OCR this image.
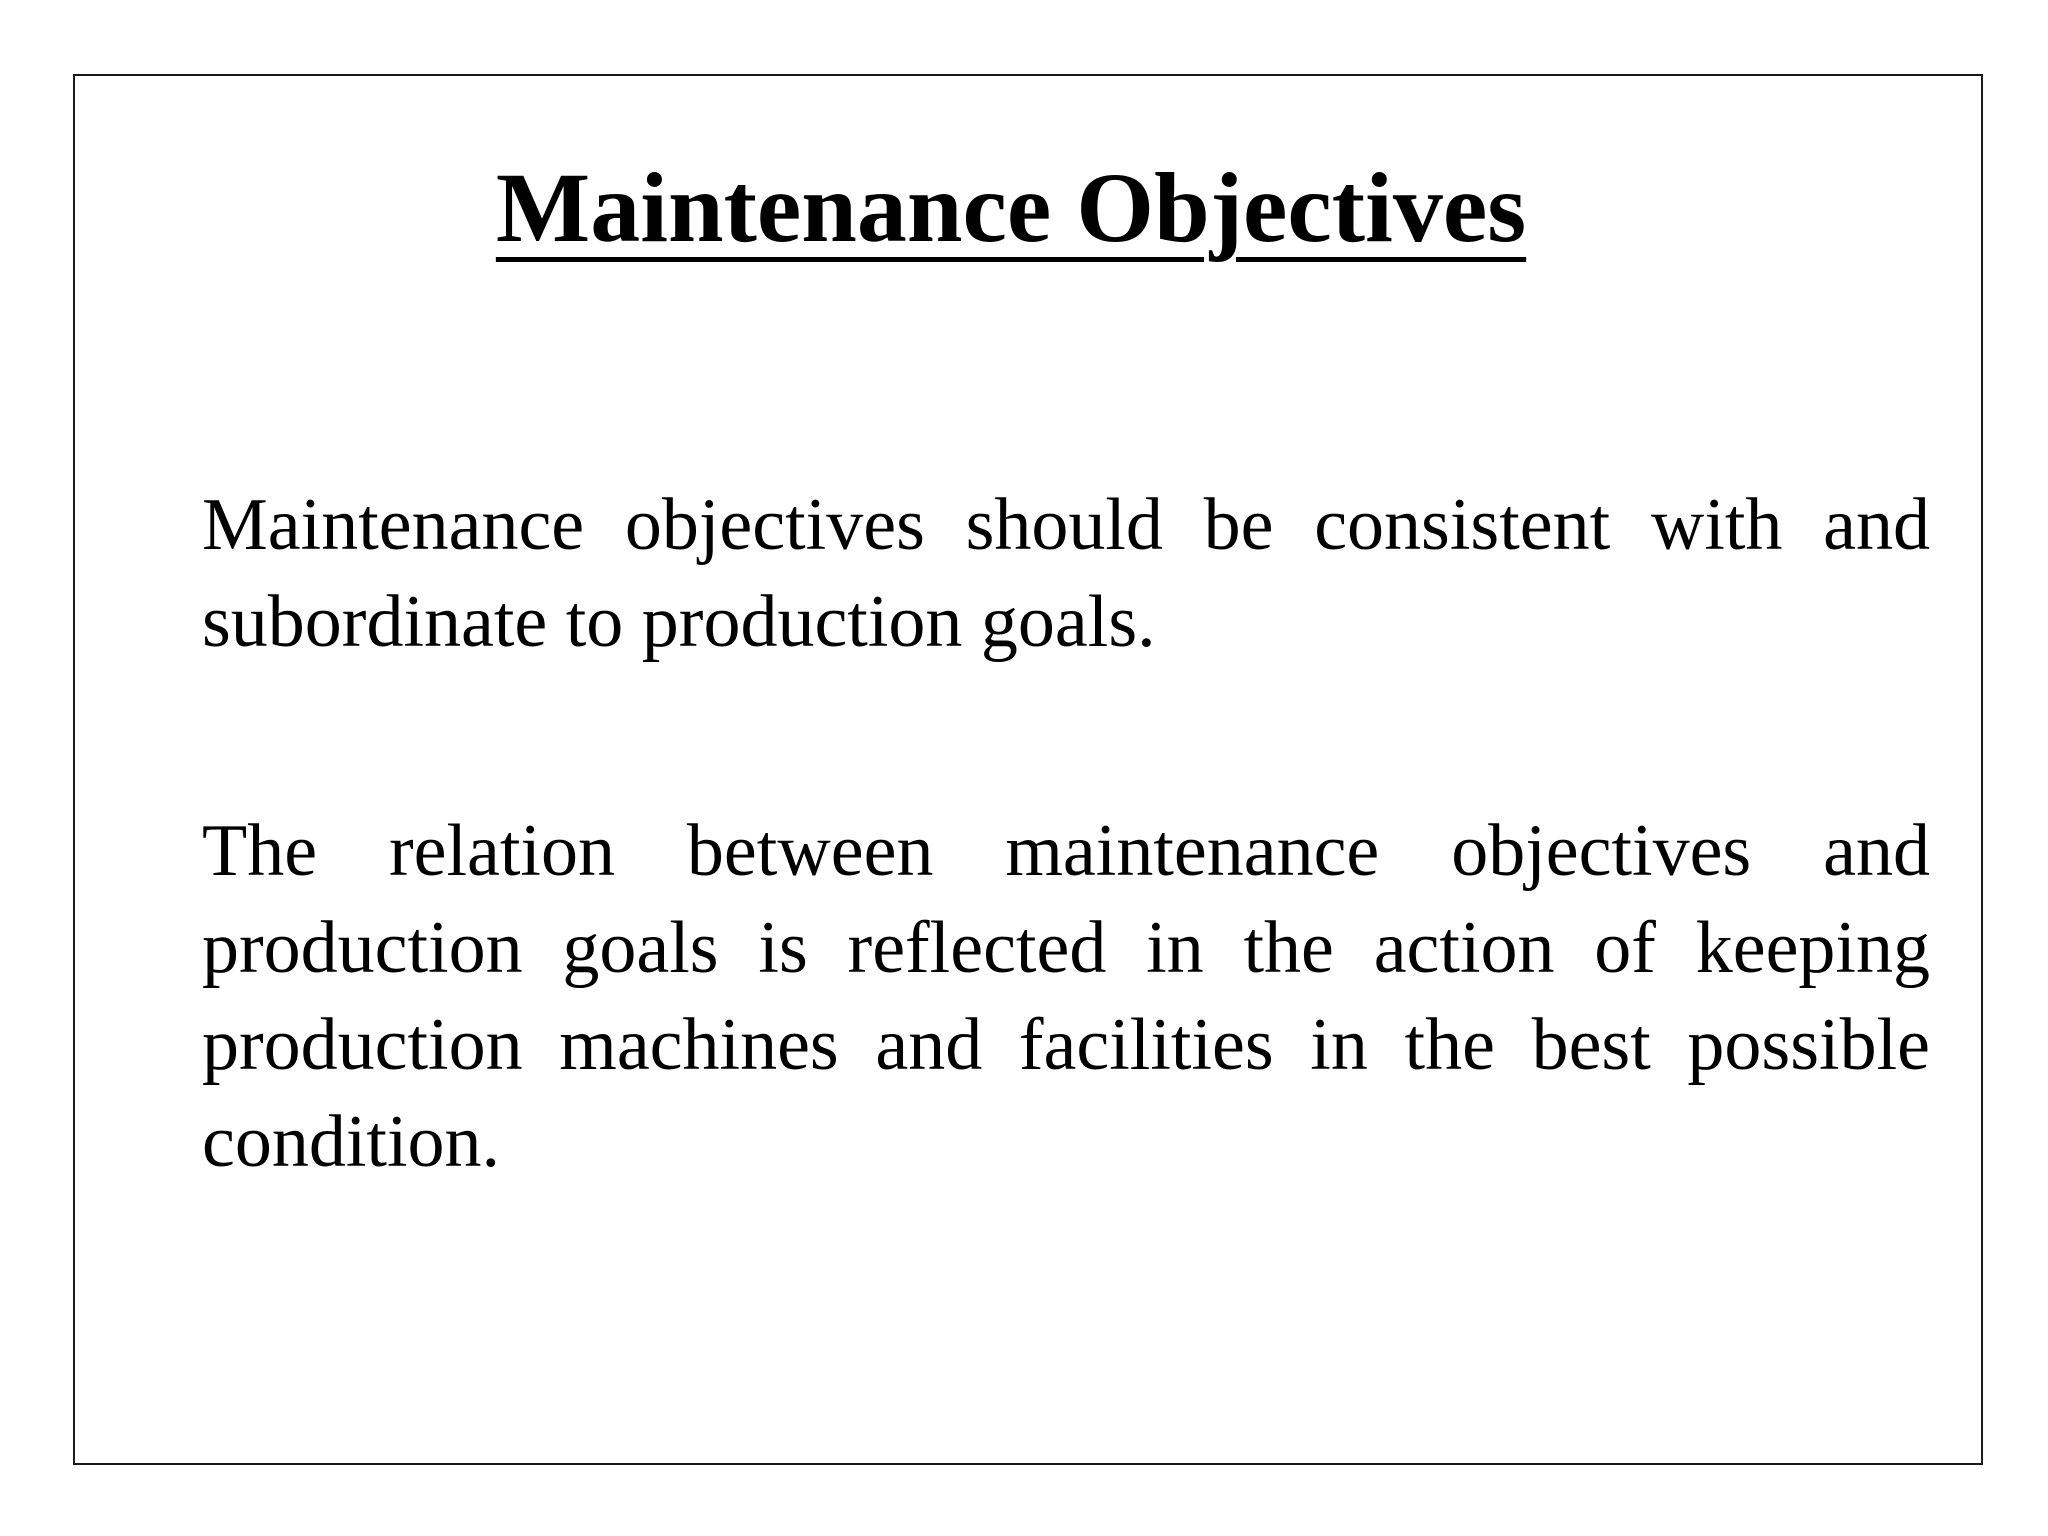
Maintenance Objectives

Maintenance objectives should be consistent with and subordinate to production goals.

The relation between maintenance objectives and production goals is reflected in the action of keeping production machines and facilities in the best possible condition.
